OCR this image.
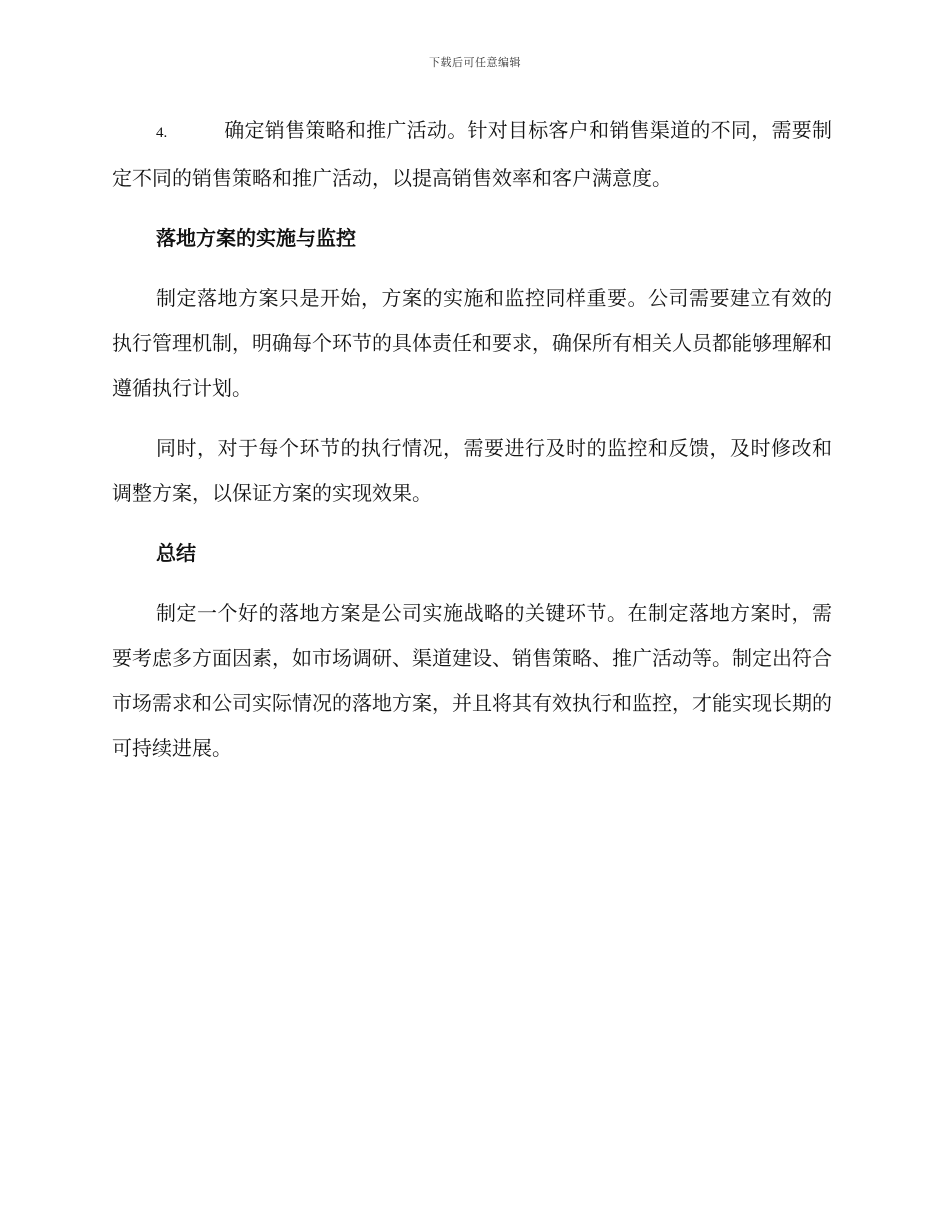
下载后可任意编辑

4.	确定销售策略和推广活动。针对目标客户和销售渠道的不同，需要制定不同的销售策略和推广活动，以提高销售效率和客户满意度。

落地方案的实施与监控

制定落地方案只是开始，方案的实施和监控同样重要。公司需要建立有效的执行管理机制，明确每个环节的具体责任和要求，确保所有相关人员都能够理解和遵循执行计划。

同时，对于每个环节的执行情况，需要进行及时的监控和反馈，及时修改和调整方案，以保证方案的实现效果。

总结

制定一个好的落地方案是公司实施战略的关键环节。在制定落地方案时，需要考虑多方面因素，如市场调研、渠道建设、销售策略、推广活动等。制定出符合市场需求和公司实际情况的落地方案，并且将其有效执行和监控，才能实现长期的可持续进展。
